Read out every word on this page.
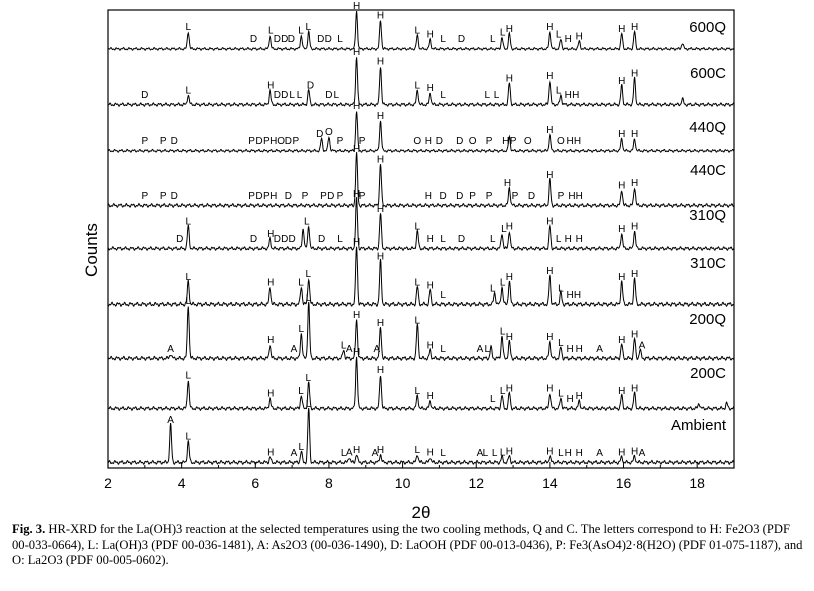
L
D
L
D D D
L L
D D L
H
H
L H L D L
L H	H
L H H
H H
D	L	H
D D L L
D
D L
H
H
L H
L	L L
H	H
L H H
H
H
P P D	P D P H O D P
D O
P
H
P
H
O H D D O P H P O
H
O H H
H H
P P D	P D P H D P P D P
H
P
H
H D D P P
H
P D
H
P H H
H H
D
L
D H D D D
L
D L
H
H
L
H L D L
L H	H
L H H
H H
L
H L
L
H
H
L H
L
L
L
H
H
L
H H
H H
A
L
H
A
L
L
L A
H
A
H	L
H L	A L
L
H	H
L
H H A
H
H
A
L
H L
L
H
H
L H	L
L H	H L H H	H H
A
L
H A
L
L
L A H A
H	L H L	A L L L H	H L H H A H H A
600Q
600C
440Q
440C
310Q
310C
200Q
200C
Ambient
2	4	6	8	10	12	14	16	18
2θ
Counts

Fig. 3. HR-XRD for the La(OH)3 reaction at the selected temperatures using the two cooling methods, Q and C. The letters correspond to H: Fe2O3 (PDF 00-033-0664), L: La(OH)3 (PDF 00-036-1481), A: As2O3 (00-036-1490), D: LaOOH (PDF 00-013-0436), P: Fe3(AsO4)2·8(H2O) (PDF 01-075-1187), and O: La2O3 (PDF 00-005-0602).
